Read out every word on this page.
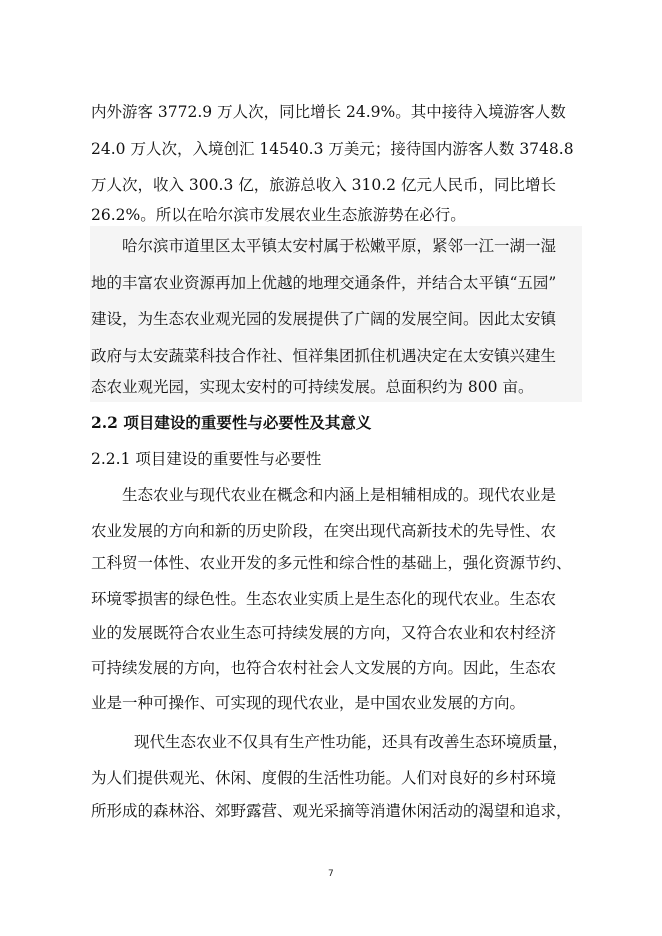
内外游客 3772.9 万人次，同比增长 24.9%。其中接待入境游客人数
24.0 万人次，入境创汇 14540.3 万美元；接待国内游客人数 3748.8
万人次，收入 300.3 亿，旅游总收入 310.2 亿元人民币，同比增长
26.2%。所以在哈尔滨市发展农业生态旅游势在必行。
哈尔滨市道里区太平镇太安村属于松嫩平原，紧邻一江一湖一湿
地的丰富农业资源再加上优越的地理交通条件，并结合太平镇“五园”
建设，为生态农业观光园的发展提供了广阔的发展空间。因此太安镇
政府与太安蔬菜科技合作社、恒祥集团抓住机遇决定在太安镇兴建生
态农业观光园，实现太安村的可持续发展。总面积约为 800 亩。
2.2 项目建设的重要性与必要性及其意义
2.2.1 项目建设的重要性与必要性
生态农业与现代农业在概念和内涵上是相辅相成的。现代农业是
农业发展的方向和新的历史阶段，在突出现代高新技术的先导性、农
工科贸一体性、农业开发的多元性和综合性的基础上，强化资源节约、
环境零损害的绿色性。生态农业实质上是生态化的现代农业。生态农
业的发展既符合农业生态可持续发展的方向，又符合农业和农村经济
可持续发展的方向，也符合农村社会人文发展的方向。因此，生态农
业是一种可操作、可实现的现代农业，是中国农业发展的方向。
现代生态农业不仅具有生产性功能，还具有改善生态环境质量，
为人们提供观光、休闲、度假的生活性功能。人们对良好的乡村环境
所形成的森林浴、郊野露营、观光采摘等消遣休闲活动的渴望和追求，
7
